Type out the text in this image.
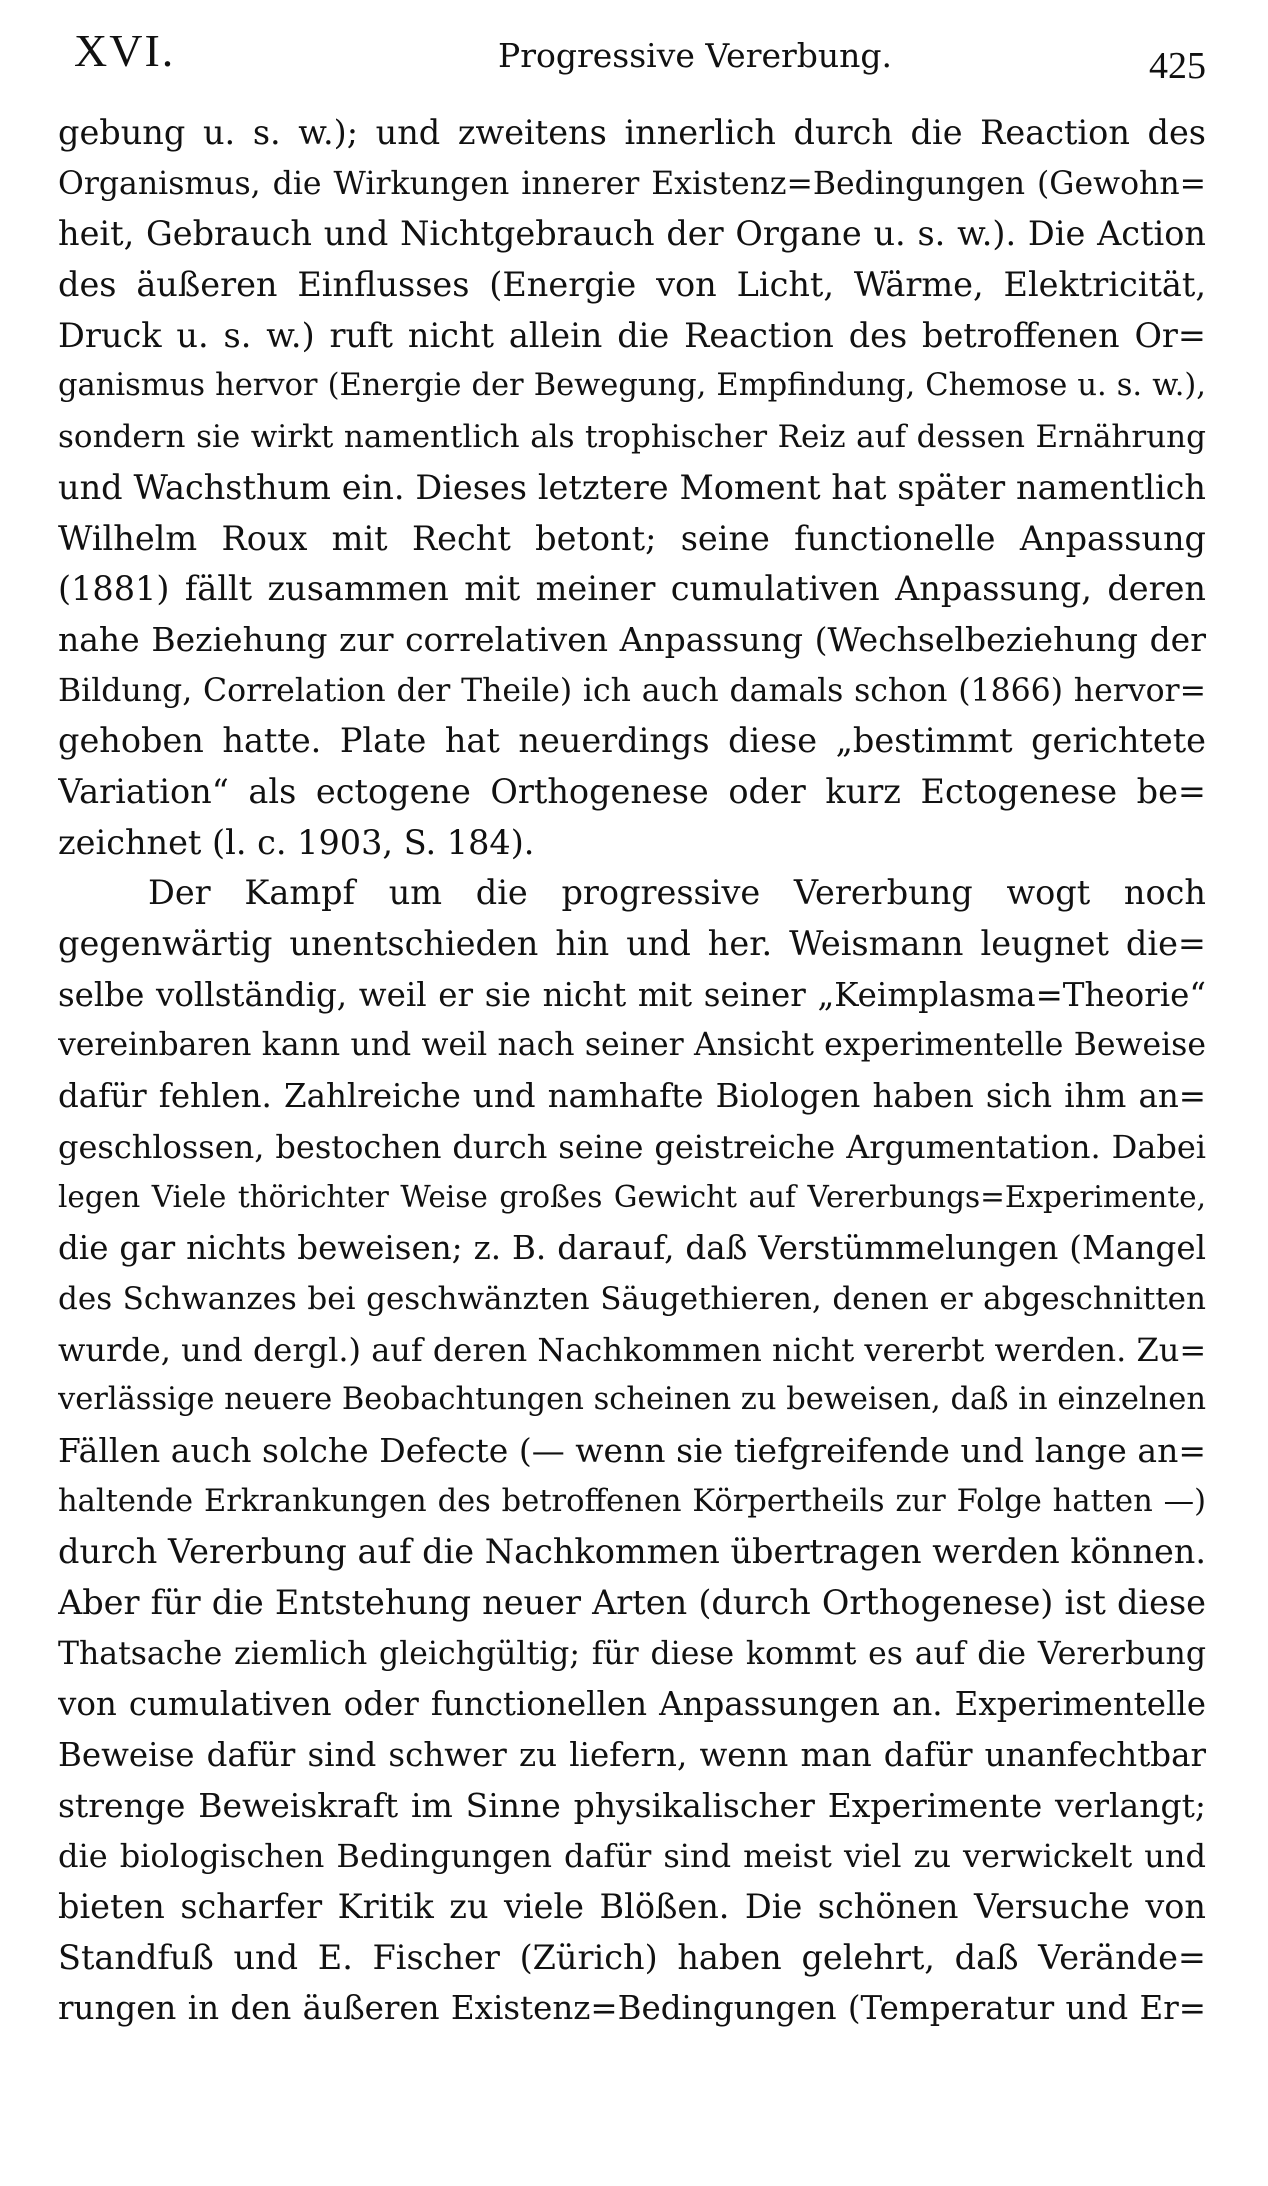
XVI.	Progressive Vererbung.	425
gebung u. s. w.); und zweitens innerlich durch die Reaction des
Organismus, die Wirkungen innerer Existenz=Bedingungen (Gewohn=
heit, Gebrauch und Nichtgebrauch der Organe u. s. w.). Die Action
des äußeren Einflusses (Energie von Licht, Wärme, Elektricität,
Druck u. s. w.) ruft nicht allein die Reaction des betroffenen Or=
ganismus hervor (Energie der Bewegung, Empfindung, Chemose u. s. w.),
sondern sie wirkt namentlich als trophischer Reiz auf dessen Ernährung
und Wachsthum ein. Dieses letztere Moment hat später namentlich
Wilhelm Roux mit Recht betont; seine functionelle Anpassung
(1881) fällt zusammen mit meiner cumulativen Anpassung, deren
nahe Beziehung zur correlativen Anpassung (Wechselbeziehung der
Bildung, Correlation der Theile) ich auch damals schon (1866) hervor=
gehoben hatte. Plate hat neuerdings diese „bestimmt gerichtete
Variation“ als ectogene Orthogenese oder kurz Ectogenese be=
zeichnet (l. c. 1903, S. 184).
Der Kampf um die progressive Vererbung wogt noch
gegenwärtig unentschieden hin und her. Weismann leugnet die=
selbe vollständig, weil er sie nicht mit seiner „Keimplasma=Theorie“
vereinbaren kann und weil nach seiner Ansicht experimentelle Beweise
dafür fehlen. Zahlreiche und namhafte Biologen haben sich ihm an=
geschlossen, bestochen durch seine geistreiche Argumentation. Dabei
legen Viele thörichter Weise großes Gewicht auf Vererbungs=Experimente,
die gar nichts beweisen; z. B. darauf, daß Verstümmelungen (Mangel
des Schwanzes bei geschwänzten Säugethieren, denen er abgeschnitten
wurde, und dergl.) auf deren Nachkommen nicht vererbt werden. Zu=
verlässige neuere Beobachtungen scheinen zu beweisen, daß in einzelnen
Fällen auch solche Defecte (— wenn sie tiefgreifende und lange an=
haltende Erkrankungen des betroffenen Körpertheils zur Folge hatten —)
durch Vererbung auf die Nachkommen übertragen werden können.
Aber für die Entstehung neuer Arten (durch Orthogenese) ist diese
Thatsache ziemlich gleichgültig; für diese kommt es auf die Vererbung
von cumulativen oder functionellen Anpassungen an. Experimentelle
Beweise dafür sind schwer zu liefern, wenn man dafür unanfechtbar
strenge Beweiskraft im Sinne physikalischer Experimente verlangt;
die biologischen Bedingungen dafür sind meist viel zu verwickelt und
bieten scharfer Kritik zu viele Blößen. Die schönen Versuche von
Standfuß und E. Fischer (Zürich) haben gelehrt, daß Verände=
rungen in den äußeren Existenz=Bedingungen (Temperatur und Er=
